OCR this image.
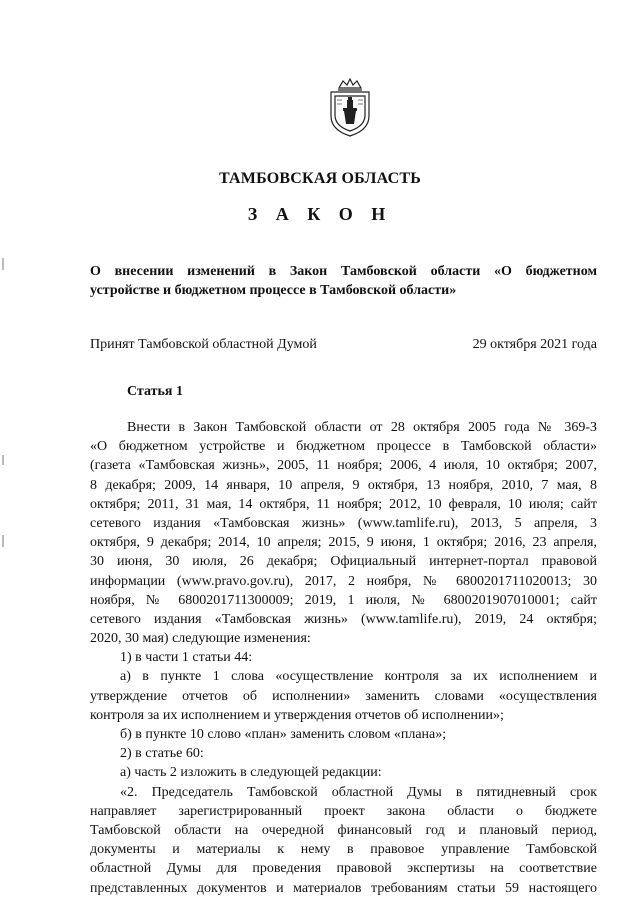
ТАМБОВСКАЯ ОБЛАСТЬ
З А К О Н
О внесении изменений в Закон Тамбовской области «О бюджетном
устройстве и бюджетном процессе в Тамбовской области»
Принят Тамбовской областной Думой	29 октября 2021 года
Статья 1
Внести в Закон Тамбовской области от 28 октября 2005 года № 369-З
«О бюджетном устройстве и бюджетном процессе в Тамбовской области»
(газета «Тамбовская жизнь», 2005, 11 ноября; 2006, 4 июля, 10 октября; 2007,
8 декабря; 2009, 14 января, 10 апреля, 9 октября, 13 ноября, 2010, 7 мая, 8
октября; 2011, 31 мая, 14 октября, 11 ноября; 2012, 10 февраля, 10 июля; сайт
сетевого издания «Тамбовская жизнь» (www.tamlife.ru), 2013, 5 апреля, 3
октября, 9 декабря; 2014, 10 апреля; 2015, 9 июня, 1 октября; 2016, 23 апреля,
30 июня, 30 июля, 26 декабря; Официальный интернет-портал правовой
информации (www.pravo.gov.ru), 2017, 2 ноября, № 6800201711020013; 30
ноября, № 6800201711300009; 2019, 1 июля, № 6800201907010001; сайт
сетевого издания «Тамбовская жизнь» (www.tamlife.ru), 2019, 24 октября;
2020, 30 мая) следующие изменения:
1) в части 1 статьи 44:
а) в пункте 1 слова «осуществление контроля за их исполнением и
утверждение отчетов об исполнении» заменить словами «осуществления
контроля за их исполнением и утверждения отчетов об исполнении»;
б) в пункте 10 слово «план» заменить словом «плана»;
2) в статье 60:
а) часть 2 изложить в следующей редакции:
«2. Председатель Тамбовской областной Думы в пятидневный срок
направляет зарегистрированный проект закона области о бюджете
Тамбовской области на очередной финансовый год и плановый период,
документы и материалы к нему в правовое управление Тамбовской
областной Думы для проведения правовой экспертизы на соответствие
представленных документов и материалов требованиям статьи 59 настоящего
